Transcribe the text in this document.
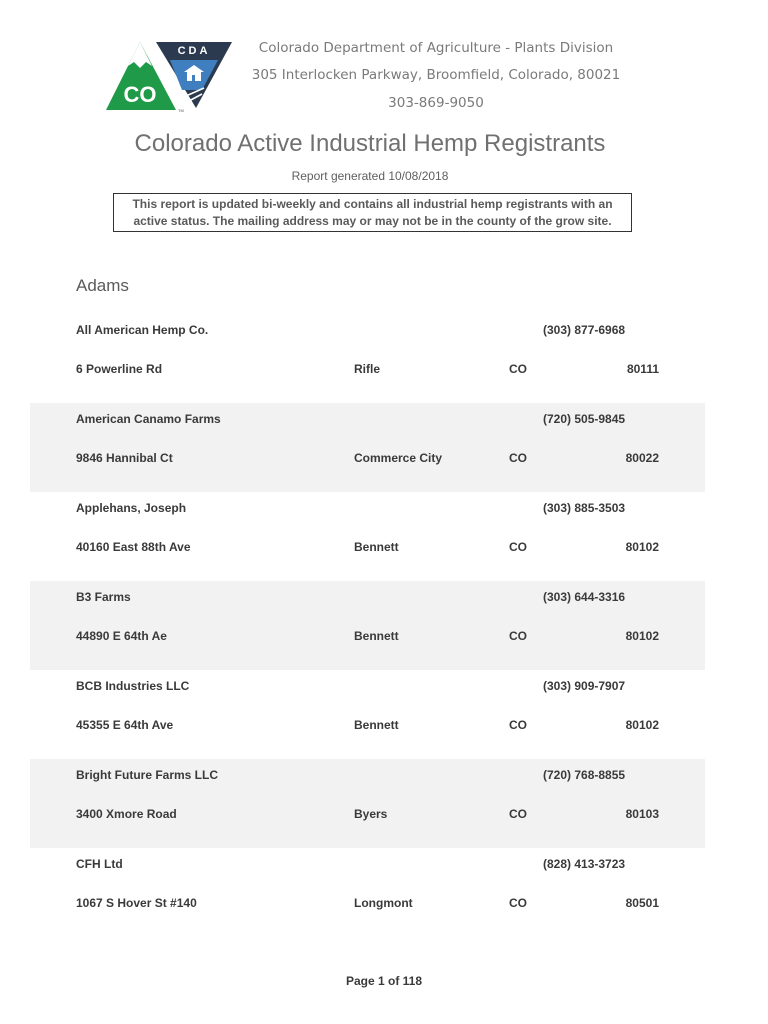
CO
CDA
TM
Colorado Department of Agriculture - Plants Division
305 Interlocken Parkway, Broomfield, Colorado, 80021
303-869-9050
Colorado Active Industrial Hemp Registrants
Report generated 10/08/2018
This report is updated bi-weekly and contains all industrial hemp registrants with an
active status. The mailing address may or may not be in the county of the grow site.
Adams
All American Hemp Co.	(303) 877-6968
6 Powerline Rd	Rifle	CO	80111
American Canamo Farms	(720) 505-9845
9846 Hannibal Ct	Commerce City	CO	80022
Applehans, Joseph	(303) 885-3503
40160 East 88th Ave	Bennett	CO	80102
B3 Farms	(303) 644-3316
44890 E 64th Ae	Bennett	CO	80102
BCB Industries LLC	(303) 909-7907
45355 E 64th Ave	Bennett	CO	80102
Bright Future Farms LLC	(720) 768-8855
3400 Xmore Road	Byers	CO	80103
CFH Ltd	(828) 413-3723
1067 S Hover St #140	Longmont	CO	80501
Page 1 of 118
